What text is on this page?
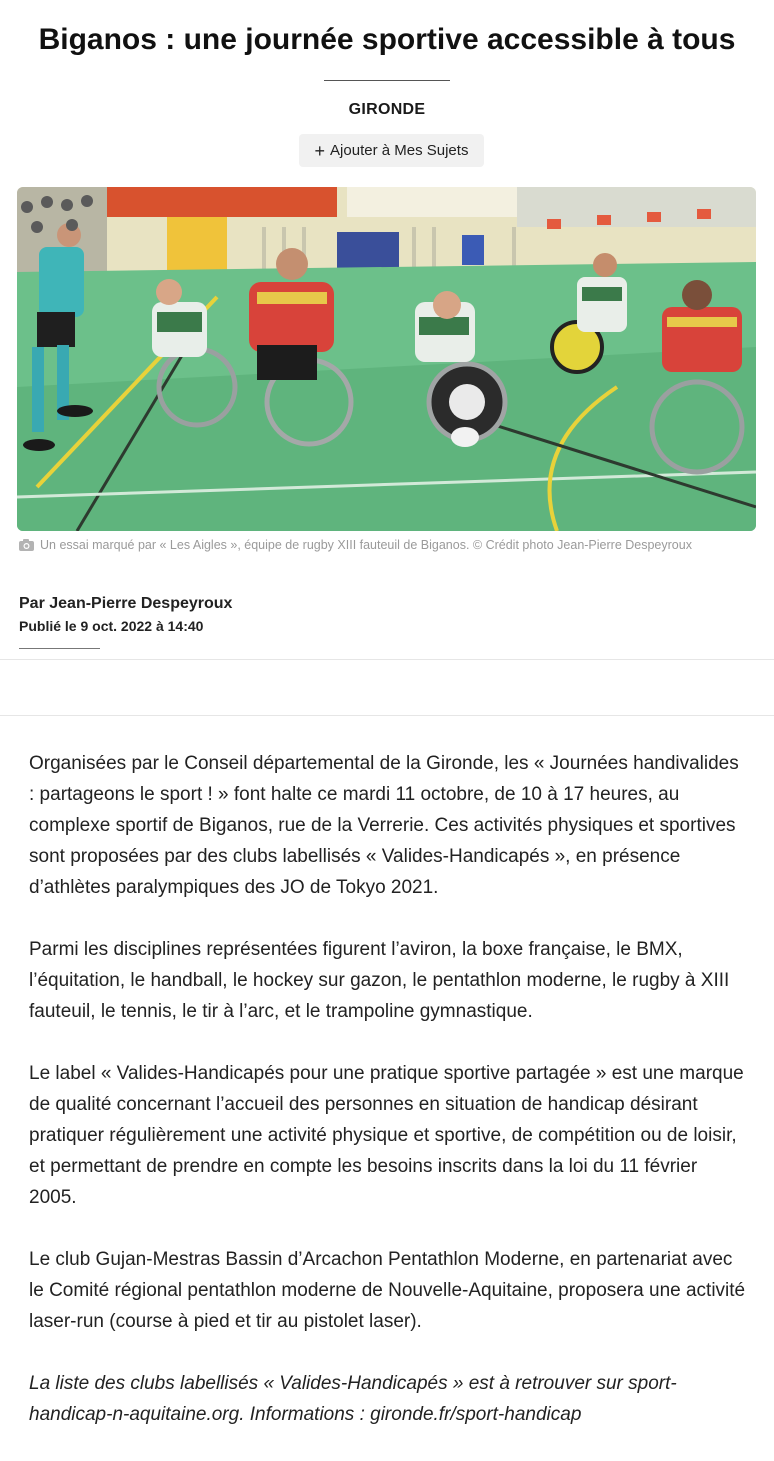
Biganos : une journée sportive accessible à tous
GIRONDE
+ Ajouter à Mes Sujets
Un essai marqué par « Les Aigles », équipe de rugby XIII fauteuil de Biganos. © Crédit photo Jean-Pierre Despeyroux
Par Jean-Pierre Despeyroux
Publié le 9 oct. 2022 à 14:40

Organisées par le Conseil départemental de la Gironde, les « Journées handivalides : partageons le sport ! » font halte ce mardi 11 octobre, de 10 à 17 heures, au complexe sportif de Biganos, rue de la Verrerie. Ces activités physiques et sportives sont proposées par des clubs labellisés « Valides-Handicapés », en présence d’athlètes paralympiques des JO de Tokyo 2021.

Parmi les disciplines représentées figurent l’aviron, la boxe française, le BMX, l’équitation, le handball, le hockey sur gazon, le pentathlon moderne, le rugby à XIII fauteuil, le tennis, le tir à l’arc, et le trampoline gymnastique.

Le label « Valides-Handicapés pour une pratique sportive partagée » est une marque de qualité concernant l’accueil des personnes en situation de handicap désirant pratiquer régulièrement une activité physique et sportive, de compétition ou de loisir, et permettant de prendre en compte les besoins inscrits dans la loi du 11 février 2005.

Le club Gujan-Mestras Bassin d’Arcachon Pentathlon Moderne, en partenariat avec le Comité régional pentathlon moderne de Nouvelle-Aquitaine, proposera une activité laser-run (course à pied et tir au pistolet laser).

La liste des clubs labellisés « Valides-Handicapés » est à retrouver sur sport-handicap-n-aquitaine.org. Informations : gironde.fr/sport-handicap
